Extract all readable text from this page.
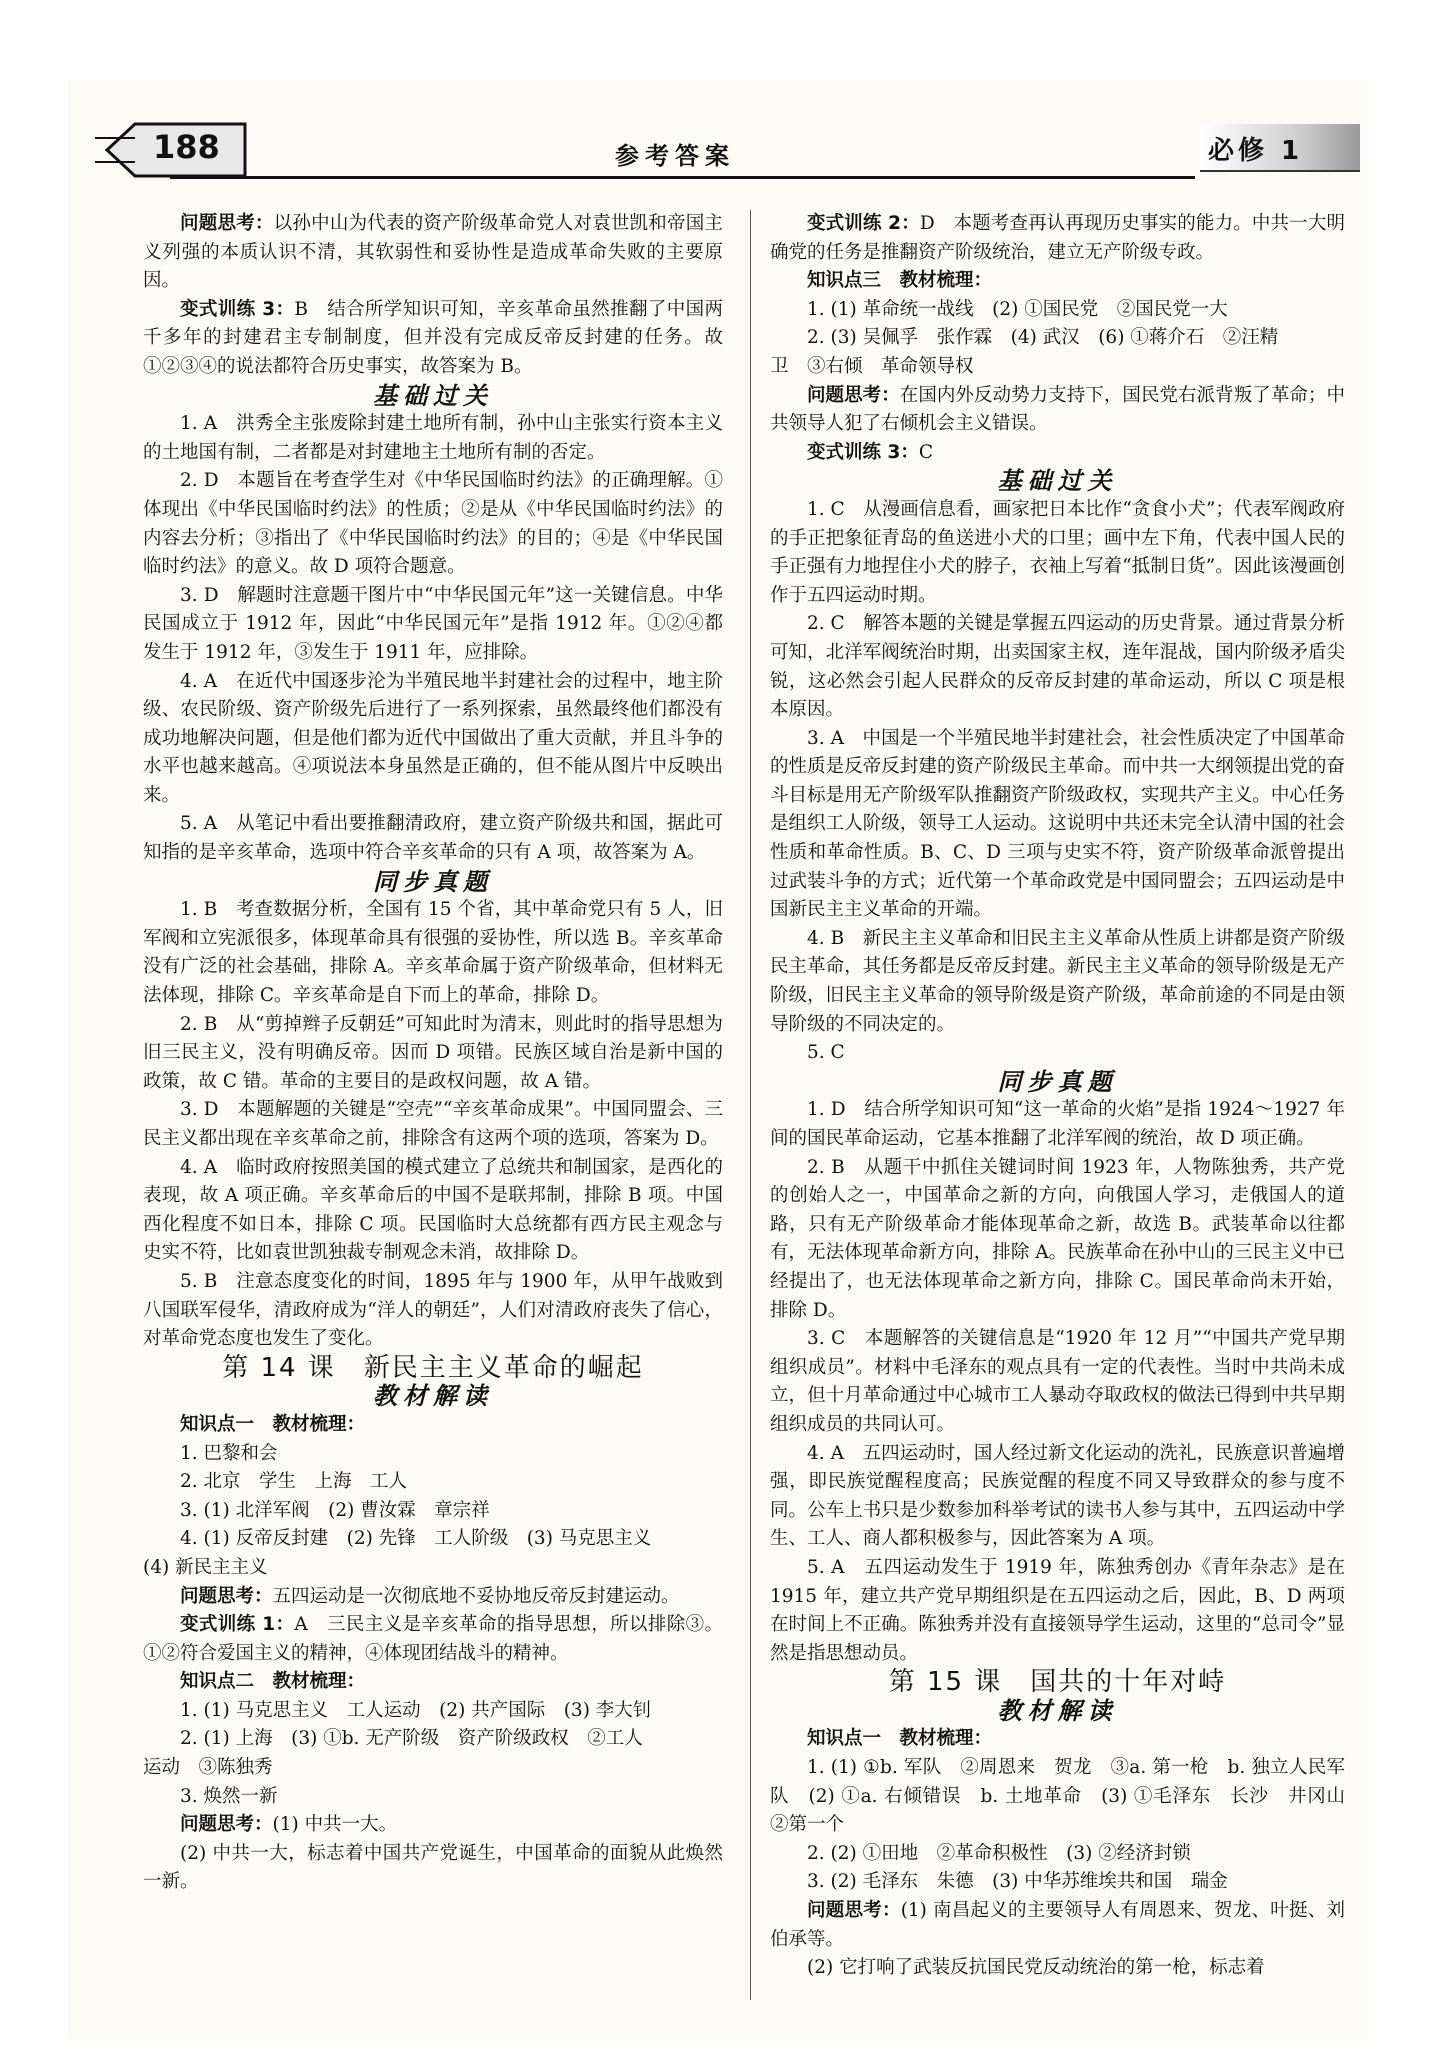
188	参考答案	必修 1

问题思考：以孙中山为代表的资产阶级革命党人对袁世凯和帝国主义列强的本质认识不清，其软弱性和妥协性是造成革命失败的主要原因。

变式训练 3：B　结合所学知识可知，辛亥革命虽然推翻了中国两千多年的封建君主专制制度，但并没有完成反帝反封建的任务。故①②③④的说法都符合历史事实，故答案为 B。

基础过关

1. A　洪秀全主张废除封建土地所有制，孙中山主张实行资本主义的土地国有制，二者都是对封建地主土地所有制的否定。

2. D　本题旨在考查学生对《中华民国临时约法》的正确理解。①体现出《中华民国临时约法》的性质；②是从《中华民国临时约法》的内容去分析；③指出了《中华民国临时约法》的目的；④是《中华民国临时约法》的意义。故 D 项符合题意。

3. D　解题时注意题干图片中“中华民国元年”这一关键信息。中华民国成立于 1912 年，因此“中华民国元年”是指 1912 年。①②④都发生于 1912 年，③发生于 1911 年，应排除。

4. A　在近代中国逐步沦为半殖民地半封建社会的过程中，地主阶级、农民阶级、资产阶级先后进行了一系列探索，虽然最终他们都没有成功地解决问题，但是他们都为近代中国做出了重大贡献，并且斗争的水平也越来越高。④项说法本身虽然是正确的，但不能从图片中反映出来。

5. A　从笔记中看出要推翻清政府，建立资产阶级共和国，据此可知指的是辛亥革命，选项中符合辛亥革命的只有 A 项，故答案为 A。

同步真题

1. B　考查数据分析，全国有 15 个省，其中革命党只有 5 人，旧军阀和立宪派很多，体现革命具有很强的妥协性，所以选 B。辛亥革命没有广泛的社会基础，排除 A。辛亥革命属于资产阶级革命，但材料无法体现，排除 C。辛亥革命是自下而上的革命，排除 D。

2. B　从“剪掉辫子反朝廷”可知此时为清末，则此时的指导思想为旧三民主义，没有明确反帝。因而 D 项错。民族区域自治是新中国的政策，故 C 错。革命的主要目的是政权问题，故 A 错。

3. D　本题解题的关键是“空壳”“辛亥革命成果”。中国同盟会、三民主义都出现在辛亥革命之前，排除含有这两个项的选项，答案为 D。

4. A　临时政府按照美国的模式建立了总统共和制国家，是西化的表现，故 A 项正确。辛亥革命后的中国不是联邦制，排除 B 项。中国西化程度不如日本，排除 C 项。民国临时大总统都有西方民主观念与史实不符，比如袁世凯独裁专制观念未消，故排除 D。

5. B　注意态度变化的时间，1895 年与 1900 年，从甲午战败到八国联军侵华，清政府成为“洋人的朝廷”，人们对清政府丧失了信心，对革命党态度也发生了变化。

第 14 课　新民主主义革命的崛起

教材解读

知识点一　教材梳理：

1. 巴黎和会

2. 北京　学生　上海　工人

3. (1) 北洋军阀　(2) 曹汝霖　章宗祥

4. (1) 反帝反封建　(2) 先锋　工人阶级　(3) 马克思主义

(4) 新民主主义

问题思考：五四运动是一次彻底地不妥协地反帝反封建运动。

变式训练 1：A　三民主义是辛亥革命的指导思想，所以排除③。①②符合爱国主义的精神，④体现团结战斗的精神。

知识点二　教材梳理：

1. (1) 马克思主义　工人运动　(2) 共产国际　(3) 李大钊

2. (1) 上海　(3) ①b. 无产阶级　资产阶级政权　②工人

运动　③陈独秀

3. 焕然一新

问题思考：(1) 中共一大。

(2) 中共一大，标志着中国共产党诞生，中国革命的面貌从此焕然一新。

变式训练 2：D　本题考查再认再现历史事实的能力。中共一大明确党的任务是推翻资产阶级统治，建立无产阶级专政。

知识点三　教材梳理：

1. (1) 革命统一战线　(2) ①国民党　②国民党一大

2. (3) 吴佩孚　张作霖　(4) 武汉　(6) ①蒋介石　②汪精

卫　③右倾　革命领导权

问题思考：在国内外反动势力支持下，国民党右派背叛了革命；中共领导人犯了右倾机会主义错误。

变式训练 3：C

基础过关

1. C　从漫画信息看，画家把日本比作“贪食小犬”；代表军阀政府的手正把象征青岛的鱼送进小犬的口里；画中左下角，代表中国人民的手正强有力地捏住小犬的脖子，衣袖上写着“抵制日货”。因此该漫画创作于五四运动时期。

2. C　解答本题的关键是掌握五四运动的历史背景。通过背景分析可知，北洋军阀统治时期，出卖国家主权，连年混战，国内阶级矛盾尖锐，这必然会引起人民群众的反帝反封建的革命运动，所以 C 项是根本原因。

3. A　中国是一个半殖民地半封建社会，社会性质决定了中国革命的性质是反帝反封建的资产阶级民主革命。而中共一大纲领提出党的奋斗目标是用无产阶级军队推翻资产阶级政权，实现共产主义。中心任务是组织工人阶级，领导工人运动。这说明中共还未完全认清中国的社会性质和革命性质。B、C、D 三项与史实不符，资产阶级革命派曾提出过武装斗争的方式；近代第一个革命政党是中国同盟会；五四运动是中国新民主主义革命的开端。

4. B　新民主主义革命和旧民主主义革命从性质上讲都是资产阶级民主革命，其任务都是反帝反封建。新民主主义革命的领导阶级是无产阶级，旧民主主义革命的领导阶级是资产阶级，革命前途的不同是由领导阶级的不同决定的。

5. C

同步真题

1. D　结合所学知识可知“这一革命的火焰”是指 1924～1927 年间的国民革命运动，它基本推翻了北洋军阀的统治，故 D 项正确。

2. B　从题干中抓住关键词时间 1923 年，人物陈独秀，共产党的创始人之一，中国革命之新的方向，向俄国人学习，走俄国人的道路，只有无产阶级革命才能体现革命之新，故选 B。武装革命以往都有，无法体现革命新方向，排除 A。民族革命在孙中山的三民主义中已经提出了，也无法体现革命之新方向，排除 C。国民革命尚未开始，排除 D。

3. C　本题解答的关键信息是“1920 年 12 月”“中国共产党早期组织成员”。材料中毛泽东的观点具有一定的代表性。当时中共尚未成立，但十月革命通过中心城市工人暴动夺取政权的做法已得到中共早期组织成员的共同认可。

4. A　五四运动时，国人经过新文化运动的洗礼，民族意识普遍增强，即民族觉醒程度高；民族觉醒的程度不同又导致群众的参与度不同。公车上书只是少数参加科举考试的读书人参与其中，五四运动中学生、工人、商人都积极参与，因此答案为 A 项。

5. A　五四运动发生于 1919 年，陈独秀创办《青年杂志》是在 1915 年，建立共产党早期组织是在五四运动之后，因此，B、D 两项在时间上不正确。陈独秀并没有直接领导学生运动，这里的“总司令”显然是指思想动员。

第 15 课　国共的十年对峙

教材解读

知识点一　教材梳理：

1. (1) ①b. 军队　②周恩来　贺龙　③a. 第一枪　b. 独立人民军队　(2) ①a. 右倾错误　b. 土地革命　(3) ①毛泽东　长沙　井冈山　②第一个

2. (2) ①田地　②革命积极性　(3) ②经济封锁

3. (2) 毛泽东　朱德　(3) 中华苏维埃共和国　瑞金

问题思考：(1) 南昌起义的主要领导人有周恩来、贺龙、叶挺、刘伯承等。

(2) 它打响了武装反抗国民党反动统治的第一枪，标志着
